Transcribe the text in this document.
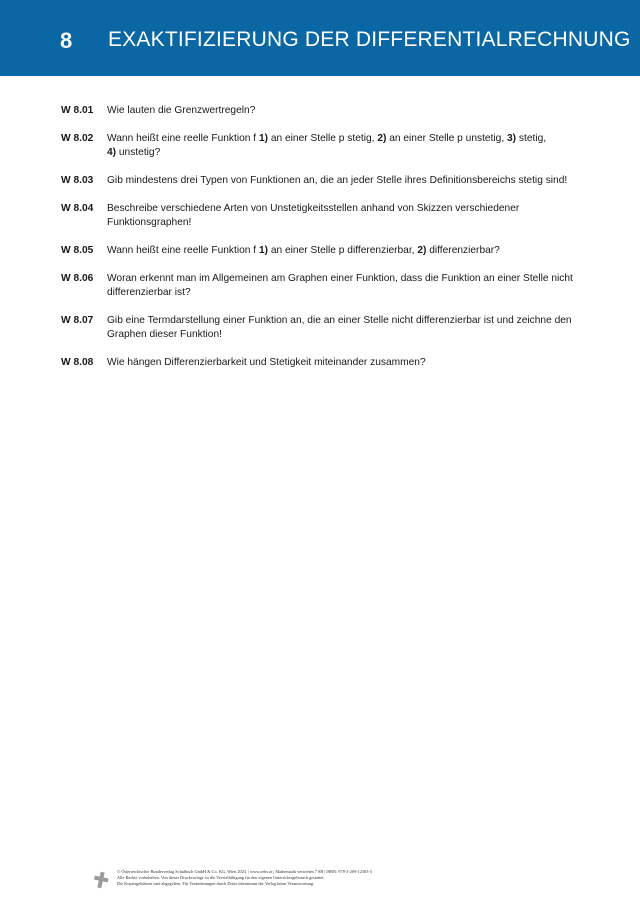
8 EXAKTIFIZIERUNG DER DIFFERENTIALRECHNUNG
W 8.01	Wie lauten die Grenzwertregeln?
W 8.02	Wann heißt eine reelle Funktion f 1) an einer Stelle p stetig, 2) an einer Stelle p unstetig, 3) stetig,
4) unstetig?
W 8.03	Gib mindestens drei Typen von Funktionen an, die an jeder Stelle ihres Definitionsbereichs stetig sind!
W 8.04	Beschreibe verschiedene Arten von Unstetigkeitsstellen anhand von Skizzen verschiedener
Funktionsgraphen!
W 8.05	Wann heißt eine reelle Funktion f 1) an einer Stelle p differenzierbar, 2) differenzierbar?
W 8.06	Woran erkennt man im Allgemeinen am Graphen einer Funktion, dass die Funktion an einer Stelle nicht
differenzierbar ist?
W 8.07	Gib eine Termdarstellung einer Funktion an, die an einer Stelle nicht differenzierbar ist und zeichne den
Graphen dieser Funktion!
W 8.08	Wie hängen Differenzierbarkeit und Stetigkeit miteinander zusammen?
© Österreichischer Bundesverlag Schulbuch GmbH & Co. KG, Wien 2023. | www.oebv.at | Mathematik verstehen 7 SB | ISBN: 978-3-209-12363-3
Alle Rechte vorbehalten. Von dieser Druckvorlage ist die Vervielfältigung für den eigenen Unterrichtsgebrauch gestattet.
Die Kopiergebühren sind abgegolten. Für Veränderungen durch Dritte übernimmt der Verlag keine Verantwortung.
